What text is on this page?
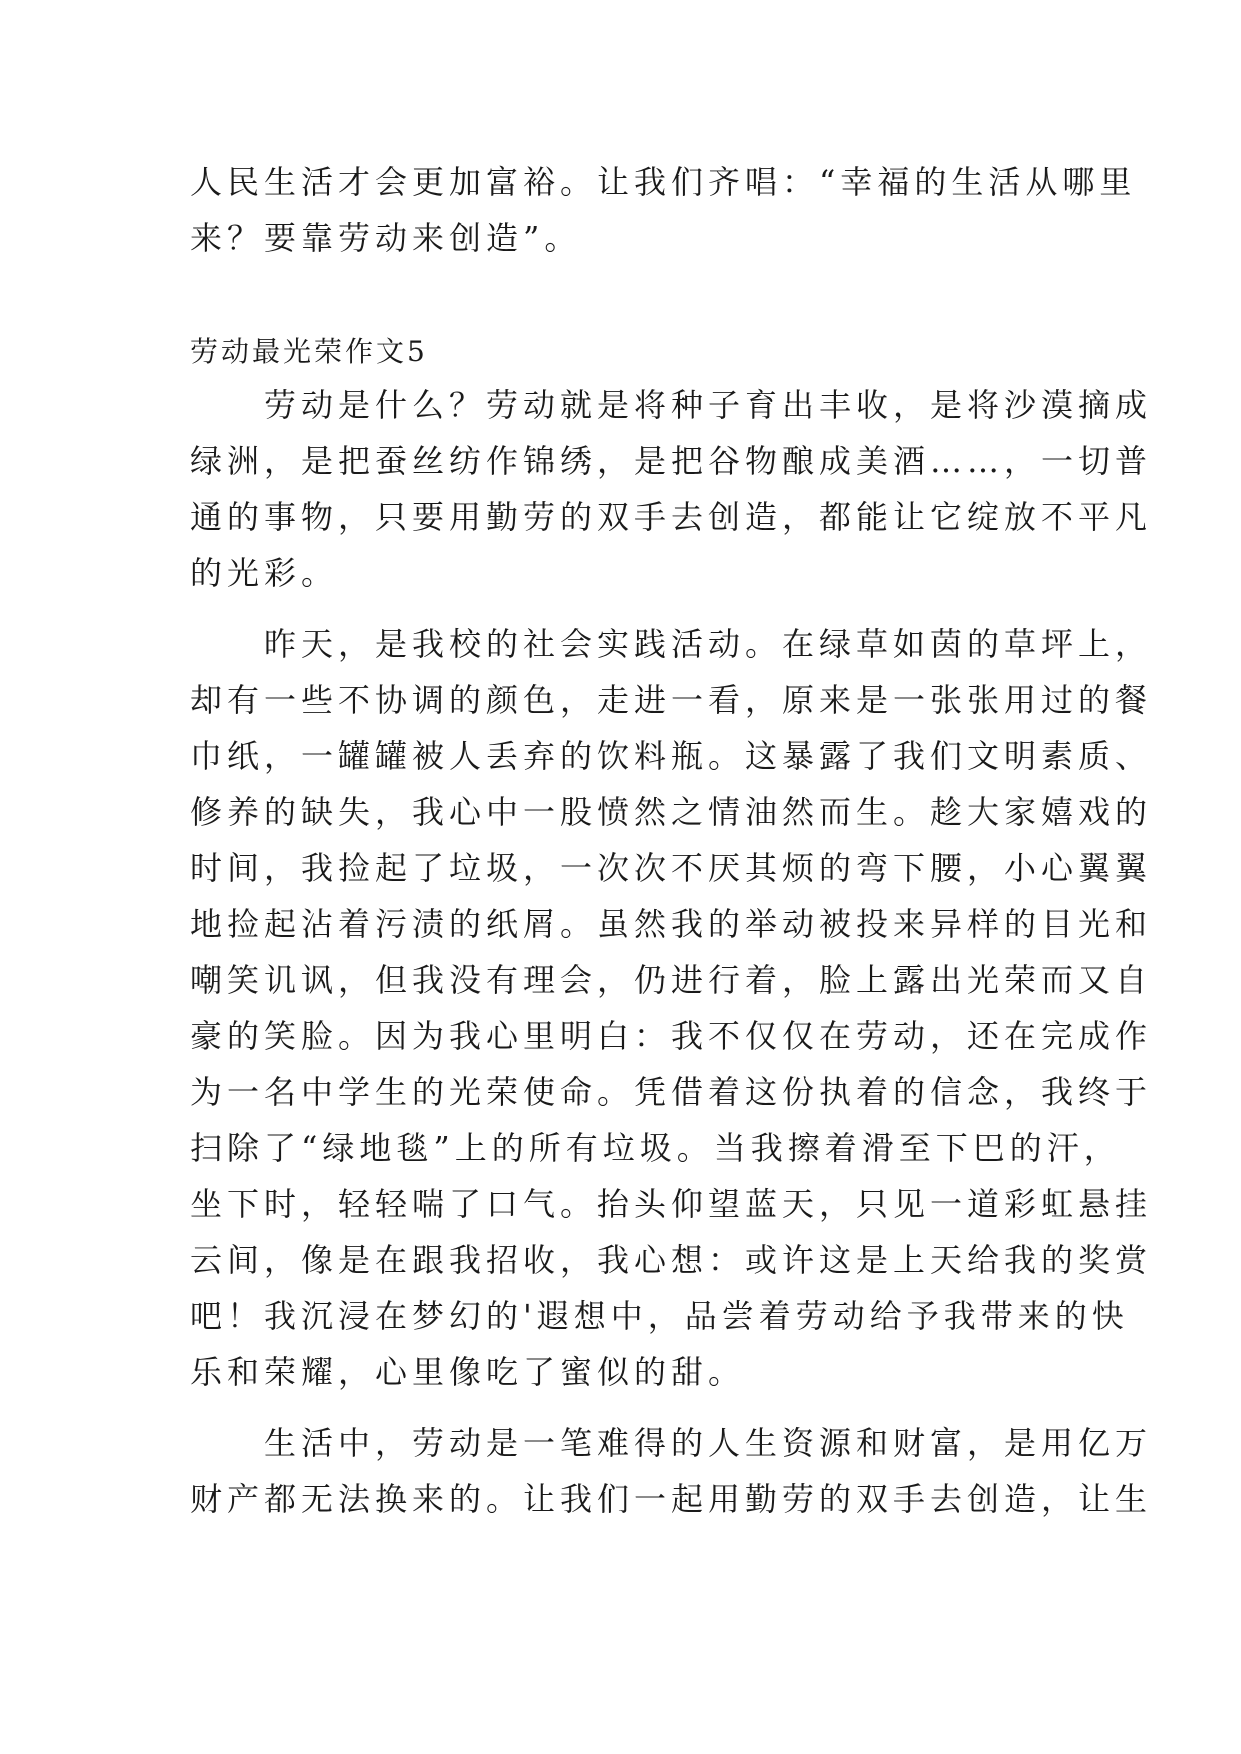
人民生活才会更加富裕。让我们齐唱：“幸福的生活从哪里
来？要靠劳动来创造”。
劳动最光荣作文5
　　劳动是什么？劳动就是将种子育出丰收，是将沙漠摘成
绿洲，是把蚕丝纺作锦绣，是把谷物酿成美酒……，一切普
通的事物，只要用勤劳的双手去创造，都能让它绽放不平凡
的光彩。
　　昨天，是我校的社会实践活动。在绿草如茵的草坪上，
却有一些不协调的颜色，走进一看，原来是一张张用过的餐
巾纸，一罐罐被人丢弃的饮料瓶。这暴露了我们文明素质、
修养的缺失，我心中一股愤然之情油然而生。趁大家嬉戏的
时间，我捡起了垃圾，一次次不厌其烦的弯下腰，小心翼翼
地捡起沾着污渍的纸屑。虽然我的举动被投来异样的目光和
嘲笑讥讽，但我没有理会，仍进行着，脸上露出光荣而又自
豪的笑脸。因为我心里明白：我不仅仅在劳动，还在完成作
为一名中学生的光荣使命。凭借着这份执着的信念，我终于
扫除了“绿地毯”上的所有垃圾。当我擦着滑至下巴的汗，
坐下时，轻轻喘了口气。抬头仰望蓝天，只见一道彩虹悬挂
云间，像是在跟我招收，我心想：或许这是上天给我的奖赏
吧！我沉浸在梦幻的'遐想中，品尝着劳动给予我带来的快
乐和荣耀，心里像吃了蜜似的甜。
　　生活中，劳动是一笔难得的人生资源和财富，是用亿万
财产都无法换来的。让我们一起用勤劳的双手去创造，让生
